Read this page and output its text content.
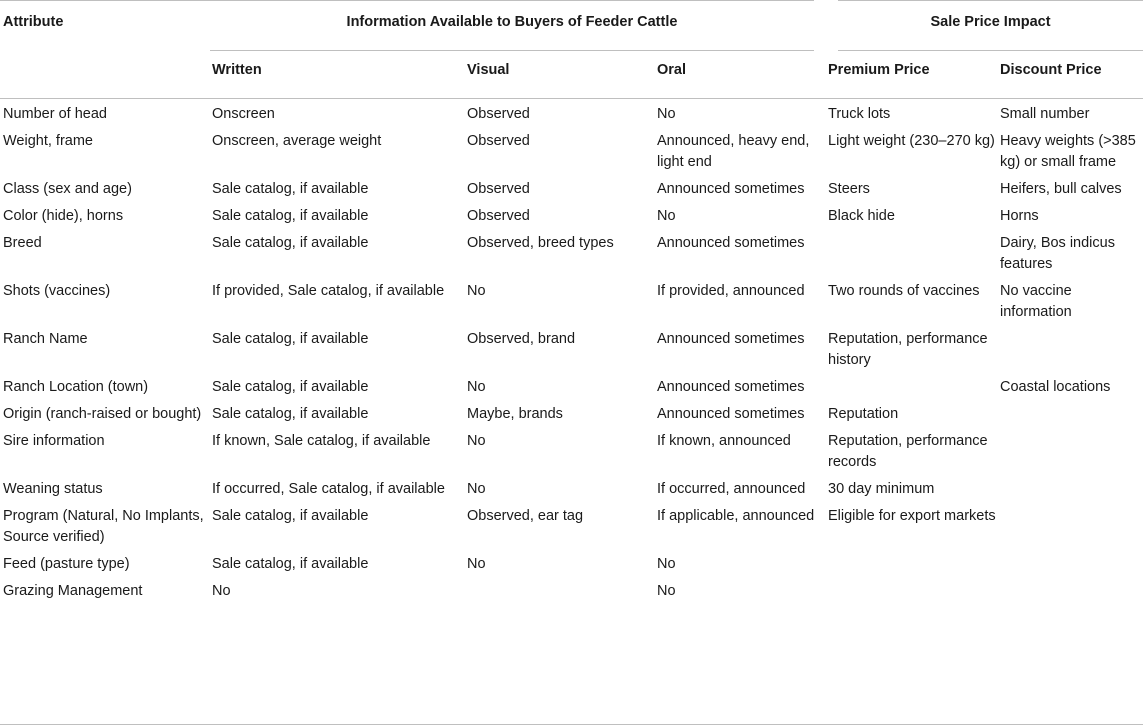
Attribute	Information Available to Buyers of Feeder Cattle			Sale Price Impact	
	Written	Visual	Oral	Premium Price	Discount Price
Number of head	Onscreen	Observed	No	Truck lots	Small number
Weight, frame	Onscreen, average weight	Observed	Announced, heavy end, light end	Light weight (230–270 kg)	Heavy weights (>385 kg) or small frame
Class (sex and age)	Sale catalog, if available	Observed	Announced sometimes	Steers	Heifers, bull calves
Color (hide), horns	Sale catalog, if available	Observed	No	Black hide	Horns
Breed	Sale catalog, if available	Observed, breed types	Announced sometimes		Dairy, Bos indicus features
Shots (vaccines)	If provided, Sale catalog, if available	No	If provided, announced	Two rounds of vaccines	No vaccine information
Ranch Name	Sale catalog, if available	Observed, brand	Announced sometimes	Reputation, performance history	
Ranch Location (town)	Sale catalog, if available	No	Announced sometimes		Coastal locations
Origin (ranch-raised or bought)	Sale catalog, if available	Maybe, brands	Announced sometimes	Reputation	
Sire information	If known, Sale catalog, if available	No	If known, announced	Reputation, performance records	
Weaning status	If occurred, Sale catalog, if available	No	If occurred, announced	30 day minimum	
Program (Natural, No Implants, Source verified)	Sale catalog, if available	Observed, ear tag	If applicable, announced	Eligible for export markets	
Feed (pasture type)	Sale catalog, if available	No	No		
Grazing Management	No		No		
